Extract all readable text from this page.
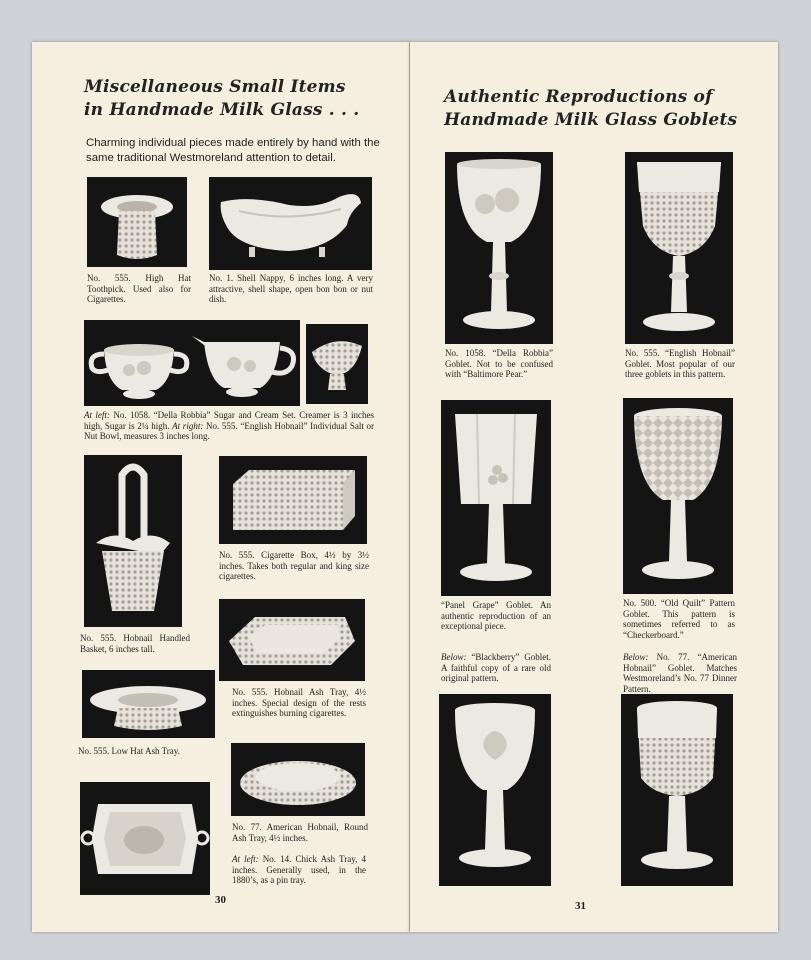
Miscellaneous Small Items
in Handmade Milk Glass . . .
Charming individual pieces made entirely by hand with the same traditional Westmoreland attention to detail.
No. 555. High Hat Toothpick. Used also for Cigarettes.
No. 1. Shell Nappy, 6 inches long. A very attractive, shell shape, open bon bon or nut dish.
At left: No. 1058. “Della Robbia” Sugar and Cream Set. Creamer is 3 inches high, Sugar is 2¼ high. At right: No. 555. “English Hobnail” Individual Salt or Nut Bowl, measures 3 inches long.
No. 555. Hobnail Handled Basket, 6 inches tall.
No. 555. Cigarette Box, 4½ by 3½ inches. Takes both regular and king size cigarettes.
No. 555. Hobnail Ash Tray, 4½ inches. Special design of the rests extinguishes burning cigarettes.
No. 555. Low Hat Ash Tray.
No. 77. American Hobnail, Round Ash Tray, 4½ inches.
At left: No. 14. Chick Ash Tray, 4 inches. Generally used, in the 1880’s, as a pin tray.
30
Authentic Reproductions of
Handmade Milk Glass Goblets
No. 1058. “Della Robbia” Goblet. Not to be confused with “Baltimore Pear.”
No. 555. “English Hobnail” Goblet. Most popular of our three goblets in this pattern.
“Panel Grape” Goblet. An authentic reproduction of an exceptional piece.
No. 500. “Old Quilt” Pattern Goblet. This pattern is sometimes referred to as “Checkerboard.”
Below: “Blackberry” Goblet. A faithful copy of a rare old original pattern.
Below: No. 77. “American Hobnail” Goblet. Matches Westmoreland’s No. 77 Dinner Pattern.
31
